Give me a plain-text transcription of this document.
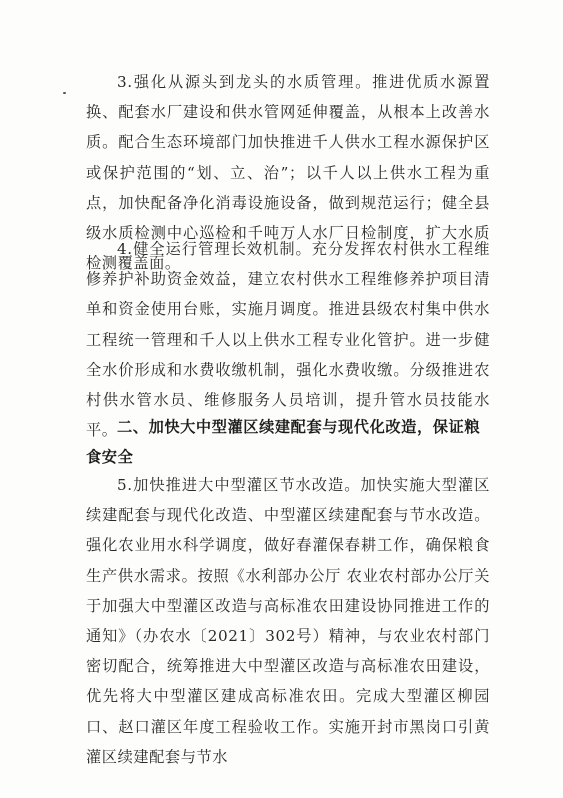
3.强化从源头到龙头的水质管理。推进优质水源置换、配套水厂建设和供水管网延伸覆盖，从根本上改善水质。配合生态环境部门加快推进千人供水工程水源保护区或保护范围的“划、立、治”；以千人以上供水工程为重点，加快配备净化消毒设施设备，做到规范运行；健全县级水质检测中心巡检和千吨万人水厂日检制度，扩大水质检测覆盖面。

4.健全运行管理长效机制。充分发挥农村供水工程维修养护补助资金效益，建立农村供水工程维修养护项目清单和资金使用台账，实施月调度。推进县级农村集中供水工程统一管理和千人以上供水工程专业化管护。进一步健全水价形成和水费收缴机制，强化水费收缴。分级推进农村供水管水员、维修服务人员培训，提升管水员技能水平。 二、加快大中型灌区续建配套与现代化改造，保证粮食安全

5.加快推进大中型灌区节水改造。加快实施大型灌区续建配套与现代化改造、中型灌区续建配套与节水改造。强化农业用水科学调度，做好春灌保春耕工作，确保粮食生产供水需求。按照《水利部办公厅 农业农村部办公厅关于加强大中型灌区改造与高标准农田建设协同推进工作的通知》（办农水〔2021〕302号）精神，与农业农村部门密切配合，统筹推进大中型灌区改造与高标准农田建设，优先将大中型灌区建成高标准农田。完成大型灌区柳园口、赵口灌区年度工程验收工作。实施开封市黑岗口引黄灌区续建配套与节水
